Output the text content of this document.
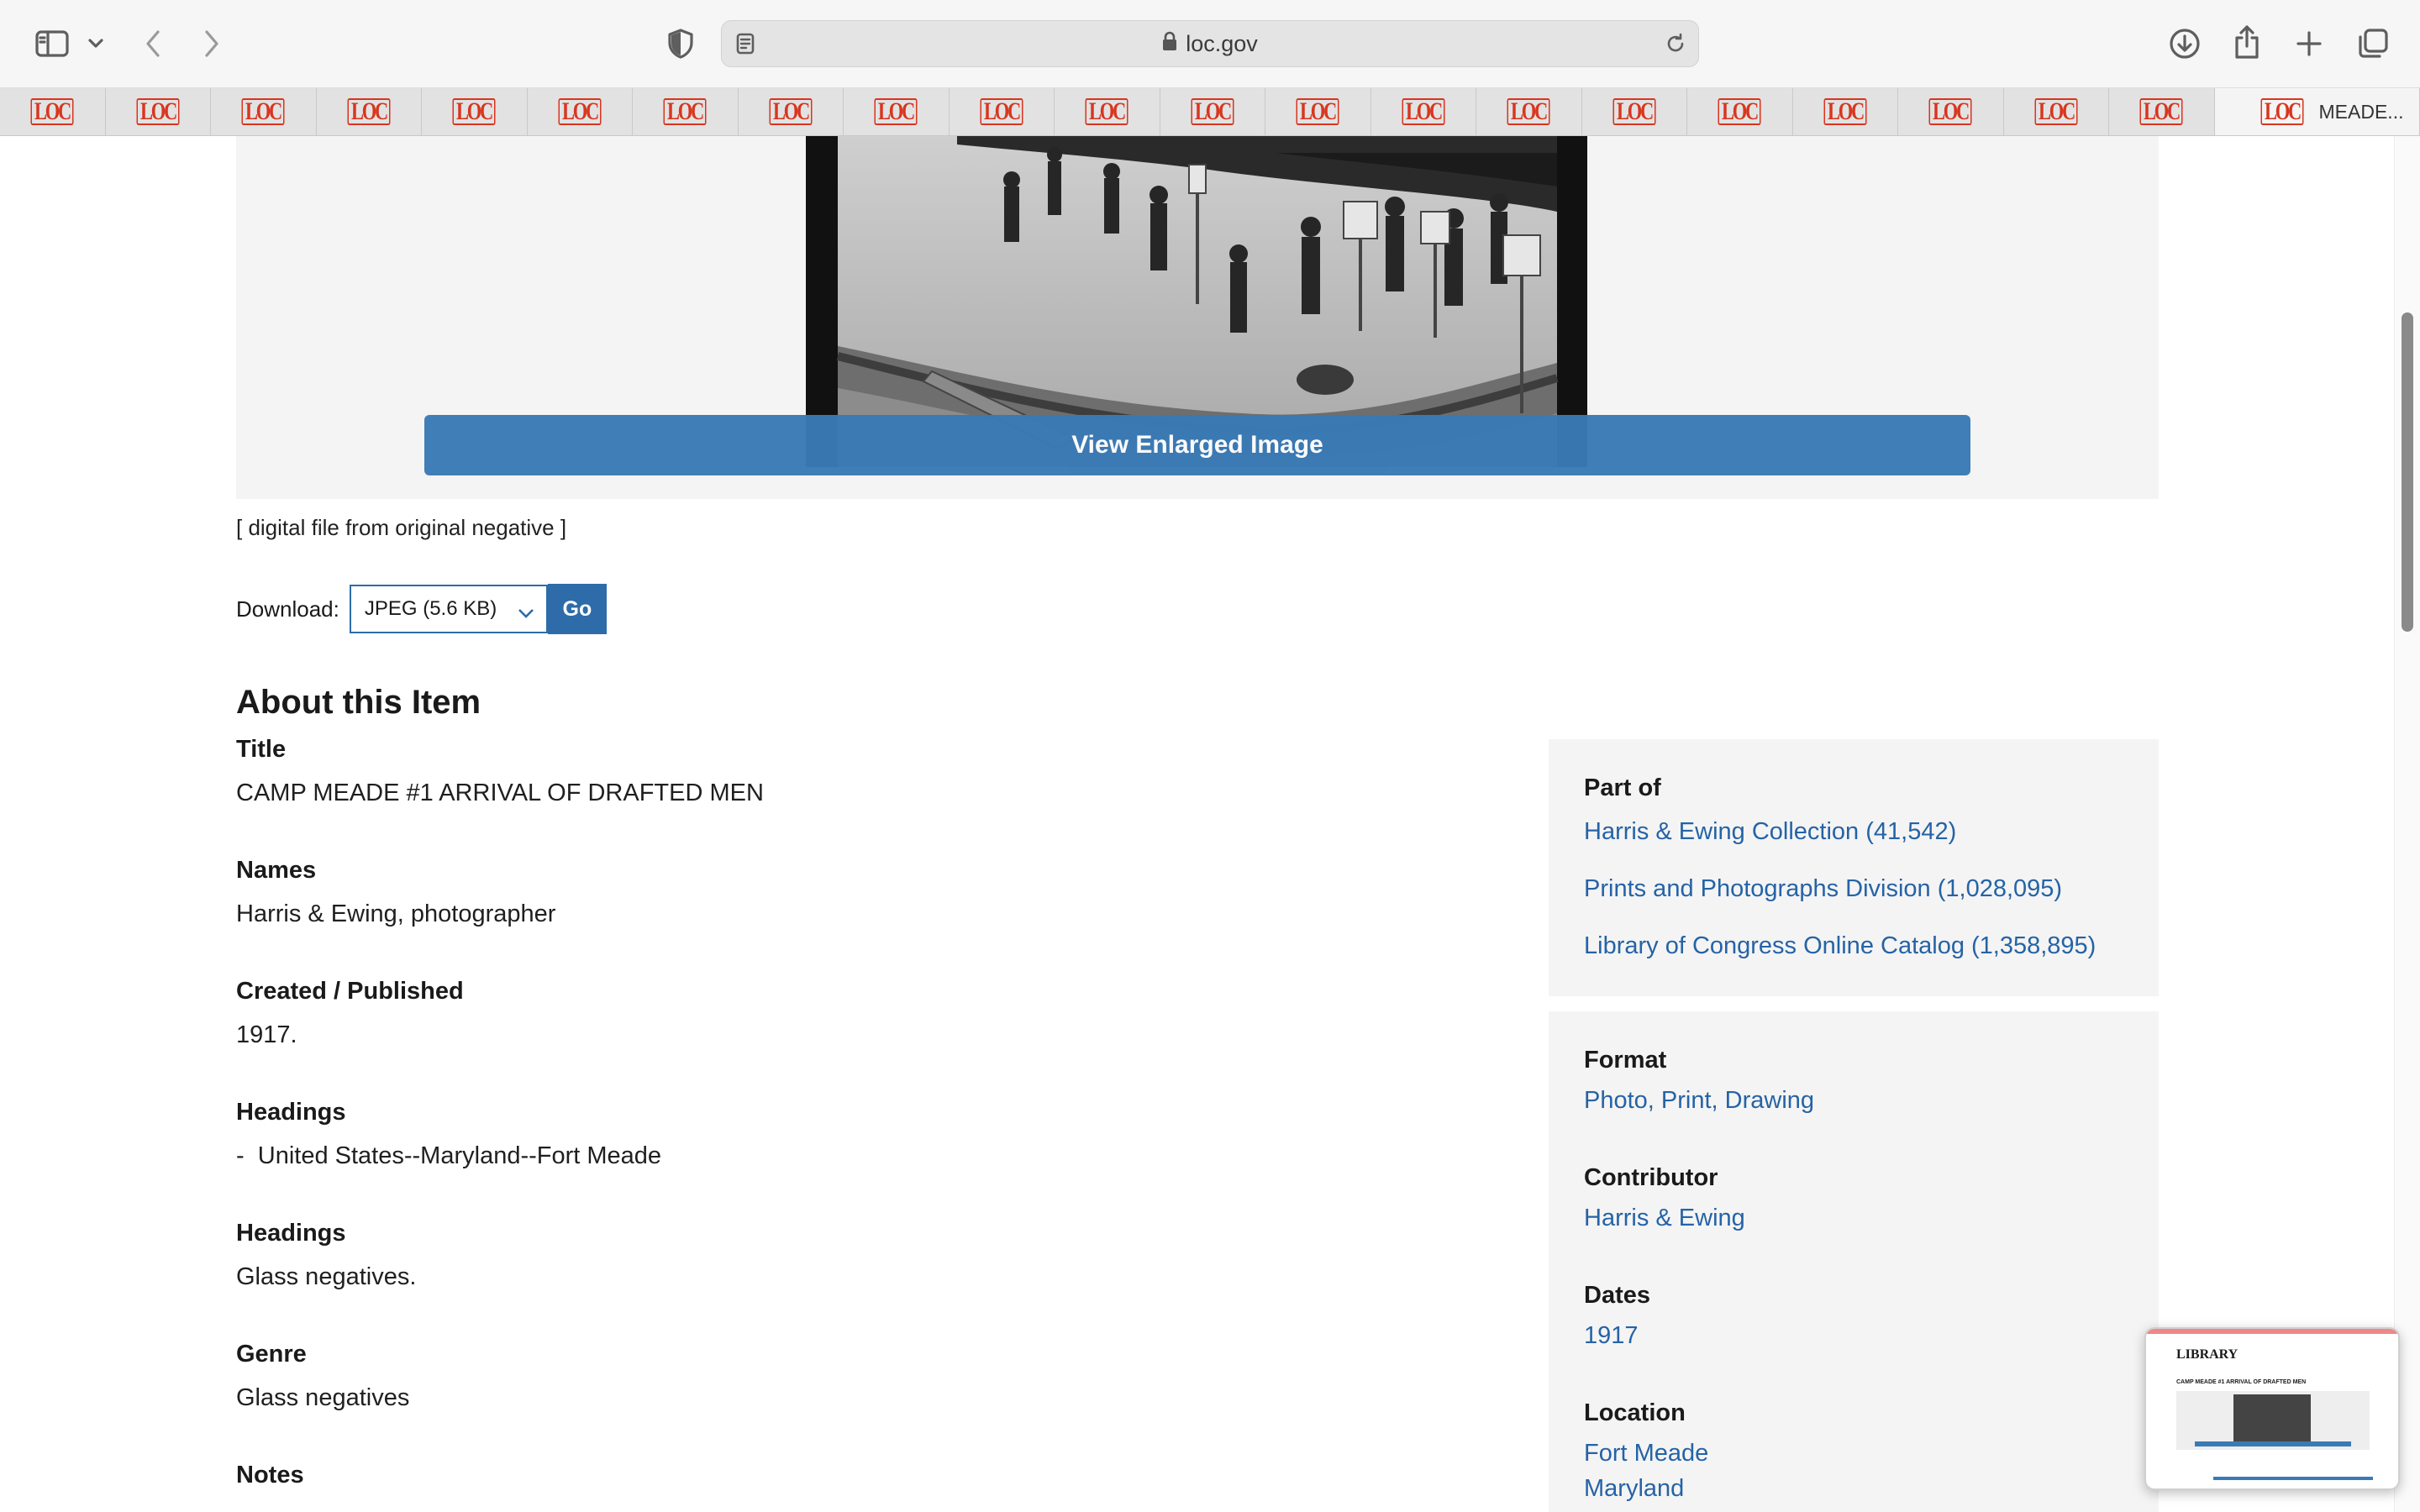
loc.gov
LOC	LOC	LOC	LOC	LOC	LOC	LOC	LOC	LOC	LOC	LOC	LOC	LOC	LOC	LOC	LOC	LOC	LOC	LOC	LOC	LOC	LOC MEADE...
View Enlarged Image
[ digital file from original negative ]
Download: JPEG (5.6 KB)	Go
About this Item
Title
CAMP MEADE #1 ARRIVAL OF DRAFTED MEN
Names
Harris & Ewing, photographer
Created / Published
1917.
Headings
-  United States--Maryland--Fort Meade
Headings
Glass negatives.
Genre
Glass negatives
Notes
Part of
Harris & Ewing Collection (41,542)
Prints and Photographs Division (1,028,095)
Library of Congress Online Catalog (1,358,895)
Format
Photo, Print, Drawing
Contributor
Harris & Ewing
Dates
1917
Location
Fort Meade
Maryland
LIBRARY
CAMP MEADE #1 ARRIVAL OF DRAFTED MEN
